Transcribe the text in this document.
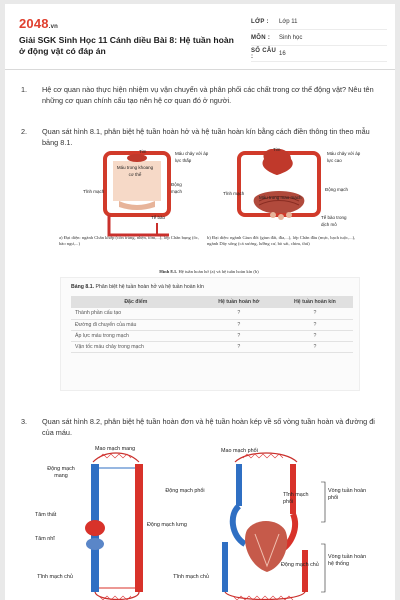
2048.vn
Giải SGK Sinh Học 11 Cánh diều Bài 8: Hệ tuần hoàn ở động vật có đáp án
LỚP :	Lớp 11
MÔN :	Sinh học
SỐ CÂU :	16
1. Hệ cơ quan nào thực hiện nhiệm vụ vận chuyển và phân phối các chất trong cơ thể động vật? Nêu tên những cơ quan chính cấu tạo nên hệ cơ quan đó ở người.
2. Quan sát hình 8.1, phân biệt hệ tuần hoàn hở và hệ tuần hoàn kín bằng cách điền thông tin theo mẫu bảng 8.1.
Tim
Máu trong khoang cơ thể
Máu chảy với áp lực thấp
Động mạch
Tĩnh mạch
Tế bào
Tim
Máu chảy với áp lực cao
Động mạch
Tĩnh mạch
Máu trong mao mạch
Tế bào trong dịch mô
a) Đại diện: ngành Chân khớp (côn trùng, nhện, tôm,...), lớp Chân bụng (ốc, bào ngư,...)
b) Đại diện: ngành Giun đốt (giun đất, đỉa,...), lớp Chân đầu (mực, bạch tuộc,...), ngành Dây sống (cá xương, lưỡng cư, bò sát, chim, thú)
Hình 8.1. Hệ tuần hoàn hở (a) và hệ tuần hoàn kín (b)
Bảng 8.1. Phân biệt hệ tuần hoàn hở và hệ tuần hoàn kín
Đặc điểm	Hệ tuần hoàn hở	Hệ tuần hoàn kín
Thành phần cấu tạo	?	?
Đường đi chuyển của máu	?	?
Áp lực máu trong mạch	?	?
Vận tốc máu chảy trong mạch	?	?
3. Quan sát hình 8.2, phân biệt hệ tuần hoàn đơn và hệ tuần hoàn kép về số vòng tuần hoàn và đường đi của máu.
Mao mạch mang
Động mạch mang
Tâm thất
Tâm nhĩ
Động mạch lưng
Tĩnh mạch chủ
Mao mạch phổi
Động mạch phổi
Tĩnh mạch phổi
Tĩnh mạch chủ
Động mạch chủ
Vòng tuần hoàn phổi
Vòng tuần hoàn hệ thống
